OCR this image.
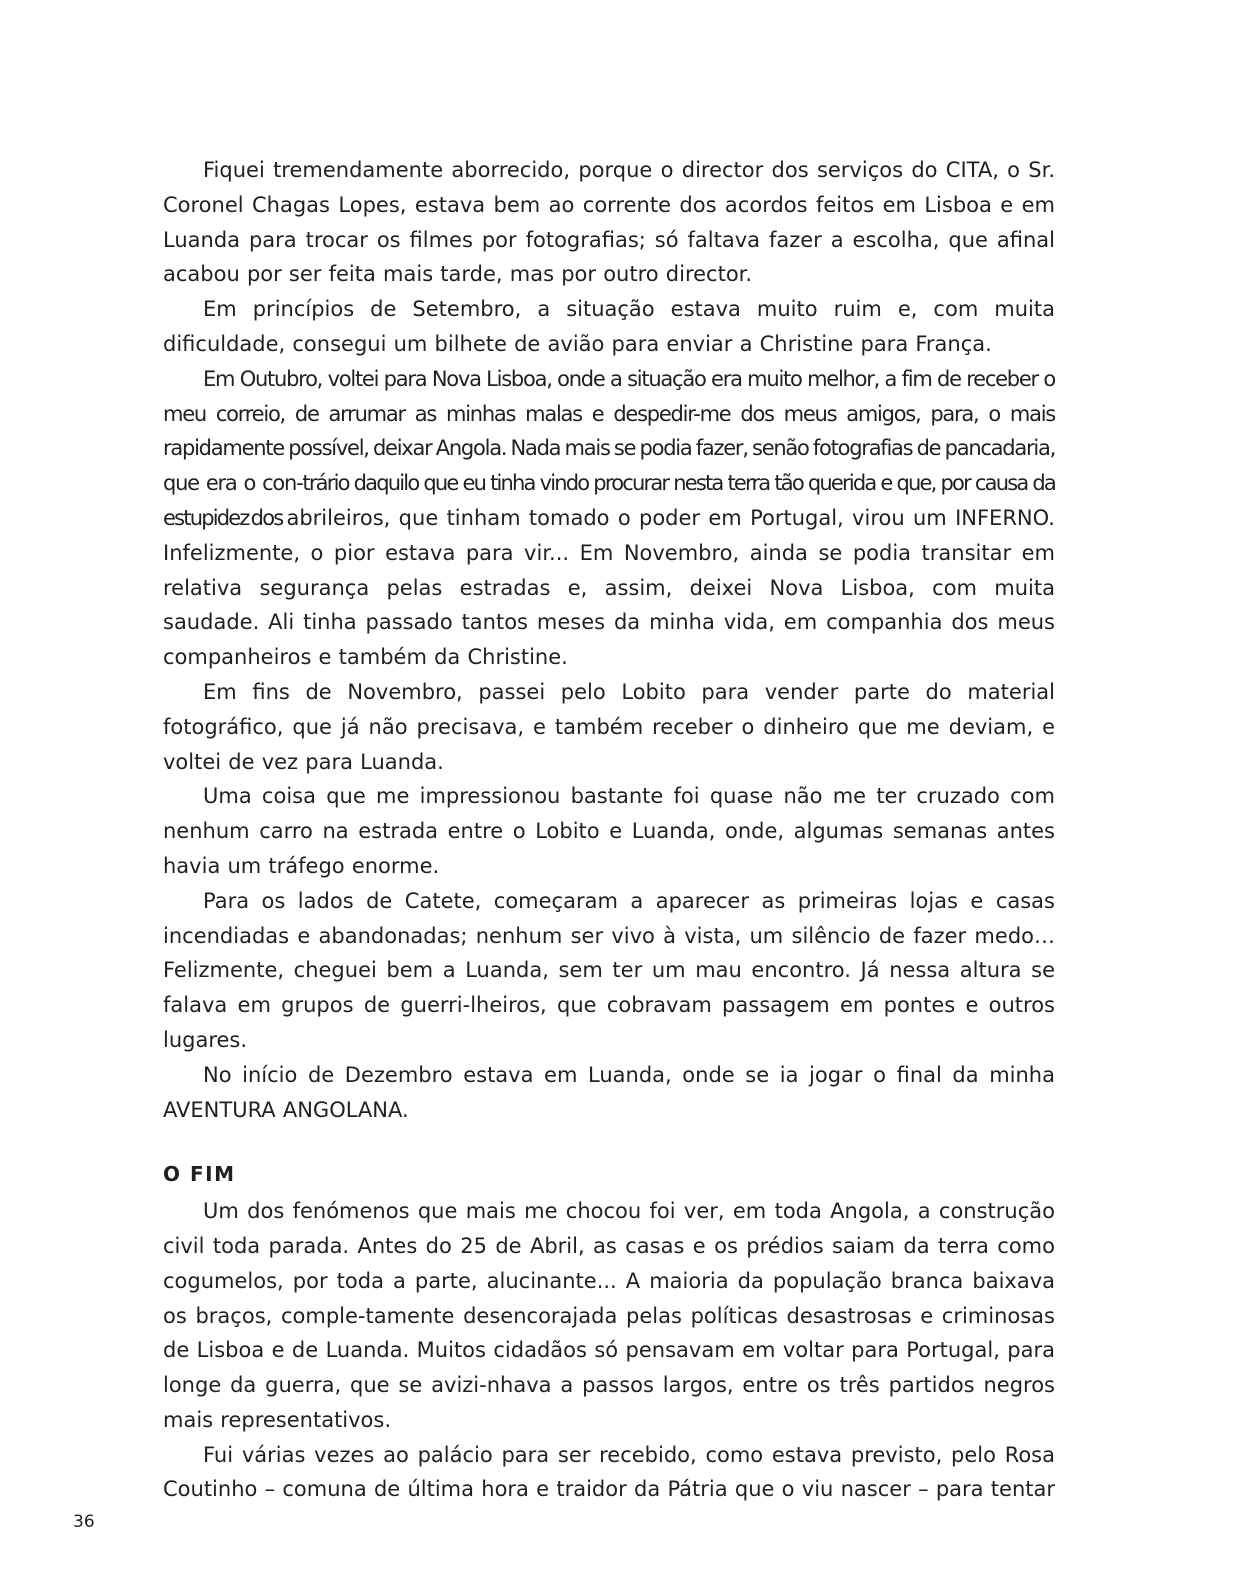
Fiquei tremendamente aborrecido, porque o director dos serviços do CITA, o Sr. Coronel Chagas Lopes, estava bem ao corrente dos acordos feitos em Lisboa e em Luanda para trocar os filmes por fotografias; só faltava fazer a escolha, que afinal acabou por ser feita mais tarde, mas por outro director.

Em princípios de Setembro, a situação estava muito ruim e, com muita dificuldade, consegui um bilhete de avião para enviar a Christine para França.

Em Outubro, voltei para Nova Lisboa, onde a situação era muito melhor, a fim de receber o meu correio, de arrumar as minhas malas e despedir-me dos meus amigos, para, o mais rapidamente possível, deixar Angola. Nada mais se podia fazer, senão fotografias de pancadaria, que era o con-trário daquilo que eu tinha vindo procurar nesta terra tão querida e que, por causa da estupidez dos abrileiros, que tinham tomado o poder em Portugal, virou um INFERNO. Infelizmente, o pior estava para vir... Em Novembro, ainda se podia transitar em relativa segurança pelas estradas e, assim, deixei Nova Lisboa, com muita saudade. Ali tinha passado tantos meses da minha vida, em companhia dos meus companheiros e também da Christine.

Em fins de Novembro, passei pelo Lobito para vender parte do material fotográfico, que já não precisava, e também receber o dinheiro que me deviam, e voltei de vez para Luanda.

Uma coisa que me impressionou bastante foi quase não me ter cruzado com nenhum carro na estrada entre o Lobito e Luanda, onde, algumas semanas antes havia um tráfego enorme.

Para os lados de Catete, começaram a aparecer as primeiras lojas e casas incendiadas e abandonadas; nenhum ser vivo à vista, um silêncio de fazer medo… Felizmente, cheguei bem a Luanda, sem ter um mau encontro. Já nessa altura se falava em grupos de guerri-lheiros, que cobravam passagem em pontes e outros lugares.

No início de Dezembro estava em Luanda, onde se ia jogar o final da minha AVENTURA ANGOLANA.

O FIM

Um dos fenómenos que mais me chocou foi ver, em toda Angola, a construção civil toda parada. Antes do 25 de Abril, as casas e os prédios saiam da terra como cogumelos, por toda a parte, alucinante... A maioria da população branca baixava os braços, comple-tamente desencorajada pelas políticas desastrosas e criminosas de Lisboa e de Luanda. Muitos cidadãos só pensavam em voltar para Portugal, para longe da guerra, que se avizi-nhava a passos largos, entre os três partidos negros mais representativos.

Fui várias vezes ao palácio para ser recebido, como estava previsto, pelo Rosa Coutinho – comuna de última hora e traidor da Pátria que o viu nascer – para tentar

36
